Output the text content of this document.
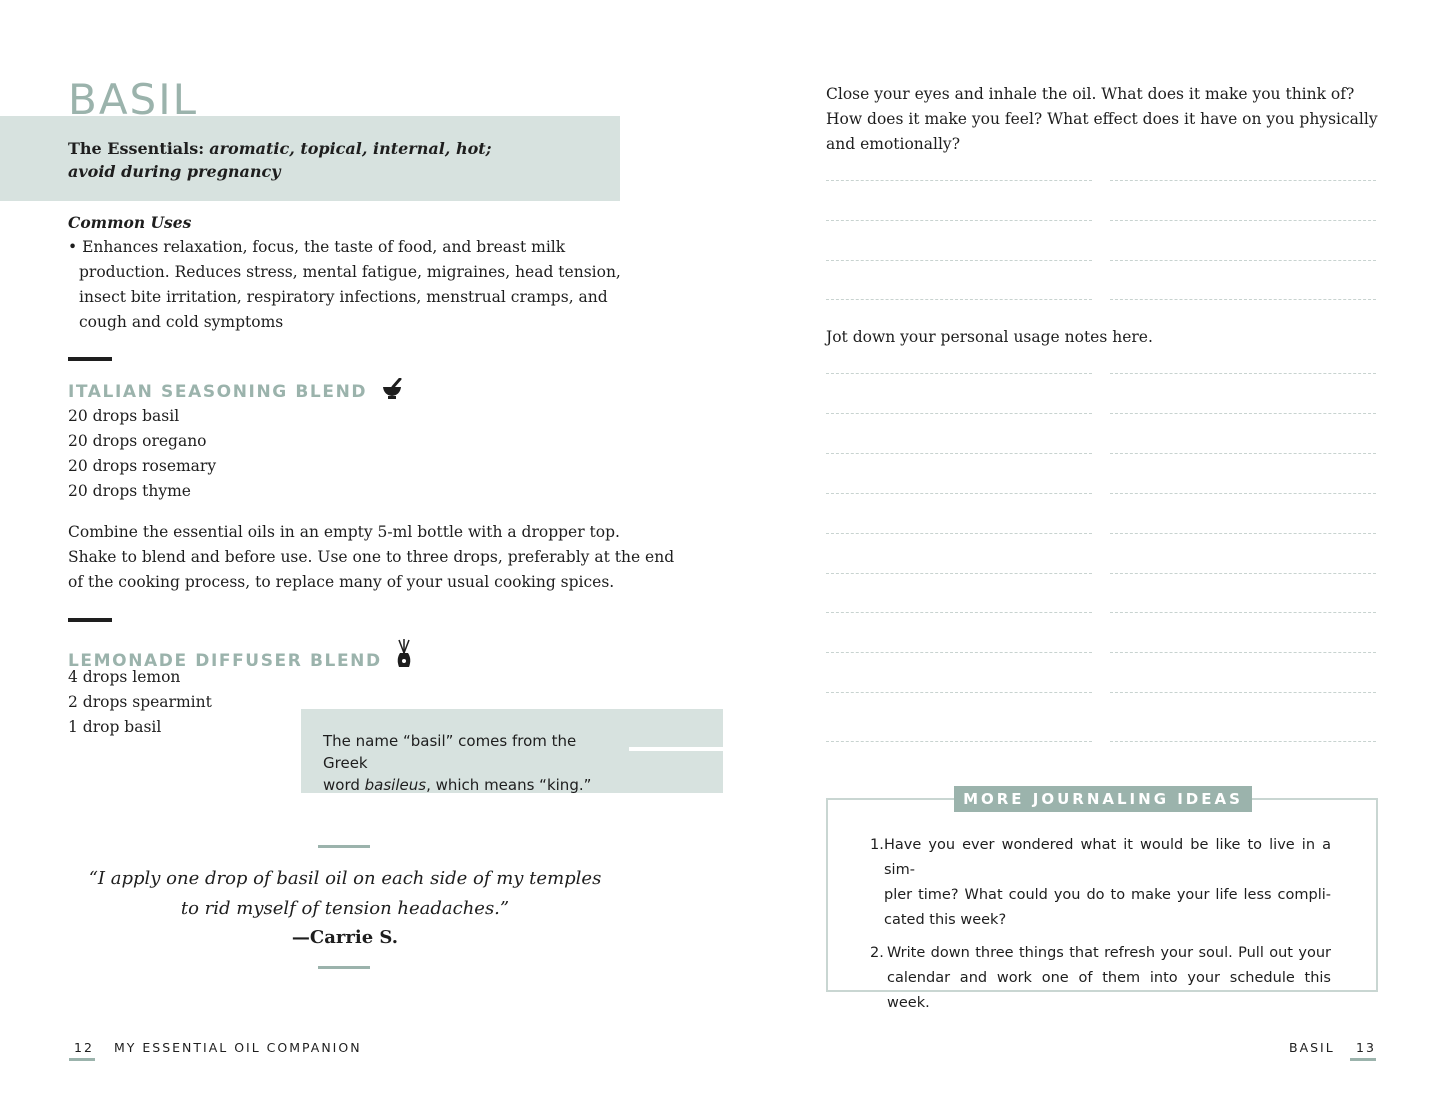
BASIL
The Essentials: aromatic, topical, internal, hot;
avoid during pregnancy
Common Uses
• Enhances relaxation, focus, the taste of food, and breast milk
production. Reduces stress, mental fatigue, migraines, head tension,
insect bite irritation, respiratory infections, menstrual cramps, and
cough and cold symptoms
ITALIAN SEASONING BLEND
20 drops basil
20 drops oregano
20 drops rosemary
20 drops thyme
Combine the essential oils in an empty 5-ml bottle with a dropper top.
Shake to blend and before use. Use one to three drops, preferably at the end
of the cooking process, to replace many of your usual cooking spices.
LEMONADE DIFFUSER BLEND
4 drops lemon
2 drops spearmint
1 drop basil
The name “basil” comes from the Greek
word basileus, which means “king.”
“I apply one drop of basil oil on each side of my temples
to rid myself of tension headaches.”
—Carrie S.
12 MY ESSENTIAL OIL COMPANION
Close your eyes and inhale the oil. What does it make you think of?
How does it make you feel? What effect does it have on you physically
and emotionally?
Jot down your personal usage notes here.
MORE JOURNALING IDEAS
1. Have you ever wondered what it would be like to live in a sim-
pler time? What could you do to make your life less compli-
cated this week?
2. Write down three things that refresh your soul. Pull out your
calendar and work one of them into your schedule this week.
BASIL 13
